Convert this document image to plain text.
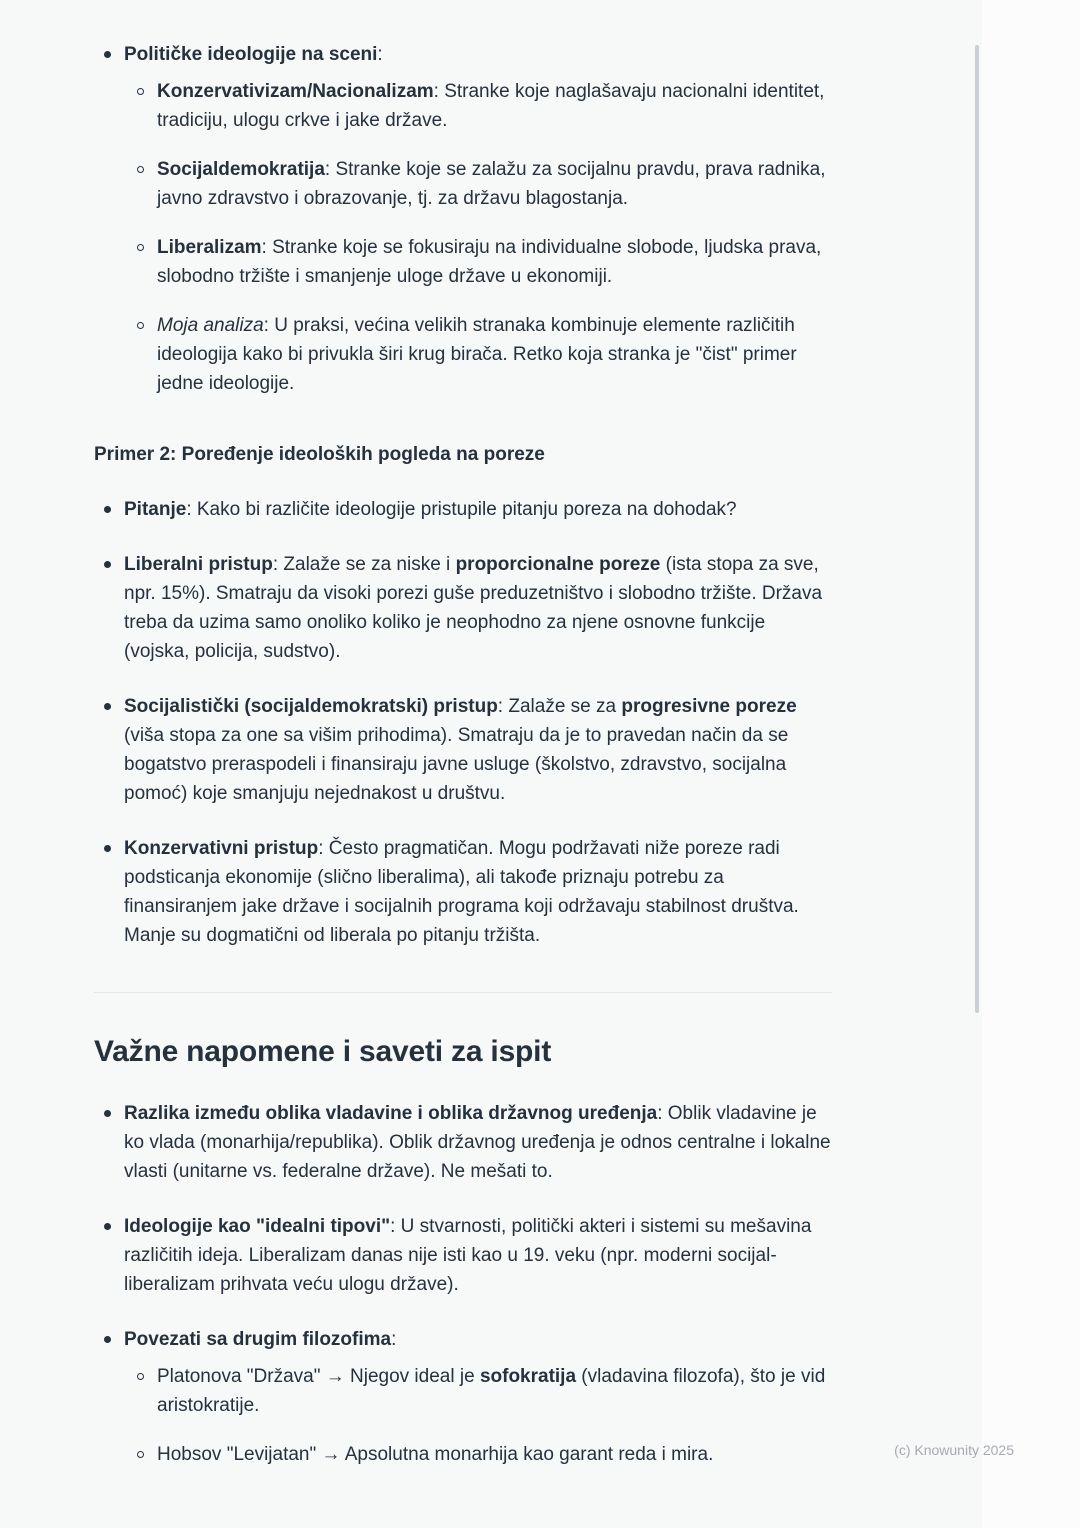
Političke ideologije na sceni:
Konzervativizam/Nacionalizam: Stranke koje naglašavaju nacionalni identitet, tradiciju, ulogu crkve i jake države.
Socijaldemokratija: Stranke koje se zalažu za socijalnu pravdu, prava radnika, javno zdravstvo i obrazovanje, tj. za državu blagostanja.
Liberalizam: Stranke koje se fokusiraju na individualne slobode, ljudska prava, slobodno tržište i smanjenje uloge države u ekonomiji.
Moja analiza: U praksi, većina velikih stranaka kombinuje elemente različitih ideologija kako bi privukla širi krug birača. Retko koja stranka je "čist" primer jedne ideologije.
Primer 2: Poređenje ideoloških pogleda na poreze
Pitanje: Kako bi različite ideologije pristupile pitanju poreza na dohodak?
Liberalni pristup: Zalaže se za niske i proporcionalne poreze (ista stopa za sve, npr. 15%). Smatraju da visoki porezi guše preduzetništvo i slobodno tržište. Država treba da uzima samo onoliko koliko je neophodno za njene osnovne funkcije (vojska, policija, sudstvo).
Socijalistički (socijaldemokratski) pristup: Zalaže se za progresivne poreze (viša stopa za one sa višim prihodima). Smatraju da je to pravedan način da se bogatstvo preraspodeli i finansiraju javne usluge (školstvo, zdravstvo, socijalna pomoć) koje smanjuju nejednakost u društvu.
Konzervativni pristup: Često pragmatičan. Mogu podržavati niže poreze radi podsticanja ekonomije (slično liberalima), ali takođe priznaju potrebu za finansiranjem jake države i socijalnih programa koji održavaju stabilnost društva. Manje su dogmatični od liberala po pitanju tržišta.
Važne napomene i saveti za ispit
Razlika između oblika vladavine i oblika državnog uređenja: Oblik vladavine je ko vlada (monarhija/republika). Oblik državnog uređenja je odnos centralne i lokalne vlasti (unitarne vs. federalne države). Ne mešati to.
Ideologije kao "idealni tipovi": U stvarnosti, politički akteri i sistemi su mešavina različitih ideja. Liberalizam danas nije isti kao u 19. veku (npr. moderni socijal-liberalizam prihvata veću ulogu države).
Povezati sa drugim filozofima:
Platonova "Država" → Njegov ideal je sofokratija (vladavina filozofa), što je vid aristokratije.
Hobsov "Levijatan" → Apsolutna monarhija kao garant reda i mira.	(c) Knowunity 2025
